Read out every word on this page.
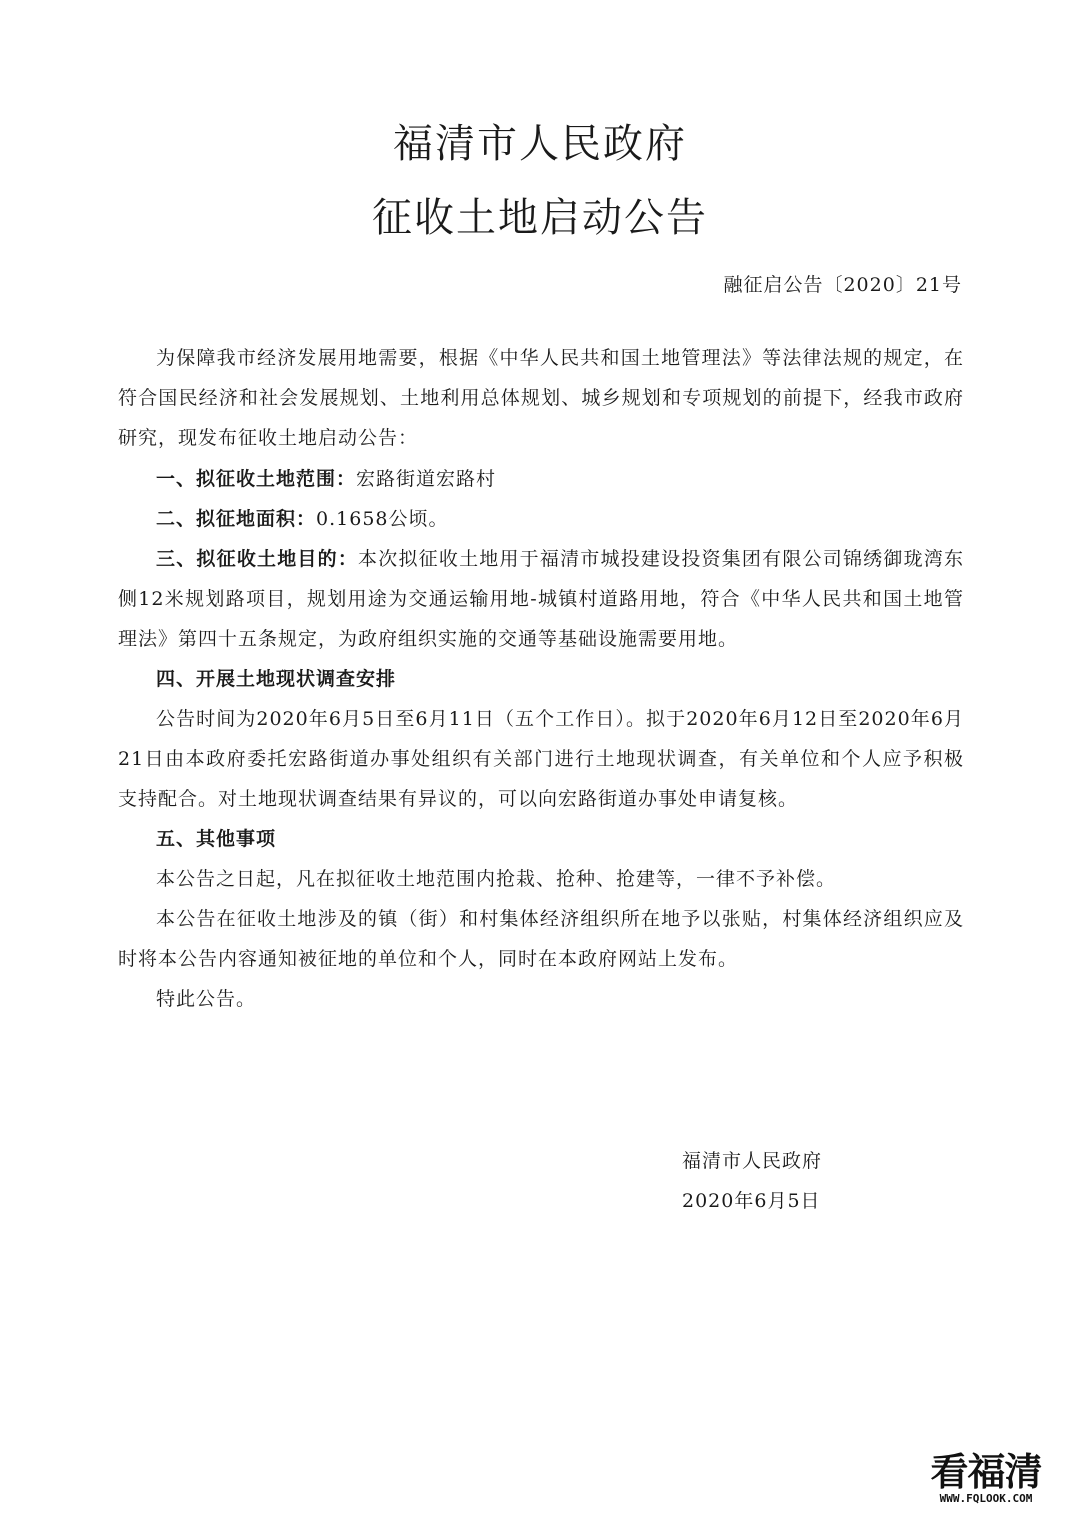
福清市人民政府
征收土地启动公告
融征启公告〔2020〕21号

为保障我市经济发展用地需要，根据《中华人民共和国土地管理法》等法律法规的规定，在符合国民经济和社会发展规划、土地利用总体规划、城乡规划和专项规划的前提下，经我市政府研究，现发布征收土地启动公告：

一、拟征收土地范围：宏路街道宏路村

二、拟征地面积：0.1658公顷。

三、拟征收土地目的：本次拟征收土地用于福清市城投建设投资集团有限公司锦绣御珑湾东侧12米规划路项目，规划用途为交通运输用地-城镇村道路用地，符合《中华人民共和国土地管理法》第四十五条规定，为政府组织实施的交通等基础设施需要用地。

四、开展土地现状调查安排

公告时间为2020年6月5日至6月11日（五个工作日）。拟于2020年6月12日至2020年6月21日由本政府委托宏路街道办事处组织有关部门进行土地现状调查，有关单位和个人应予积极支持配合。对土地现状调查结果有异议的，可以向宏路街道办事处申请复核。

五、其他事项

本公告之日起，凡在拟征收土地范围内抢栽、抢种、抢建等，一律不予补偿。

本公告在征收土地涉及的镇（街）和村集体经济组织所在地予以张贴，村集体经济组织应及时将本公告内容通知被征地的单位和个人，同时在本政府网站上发布。

特此公告。

福清市人民政府

2020年6月5日

看福清
WWW.FQLOOK.COM
